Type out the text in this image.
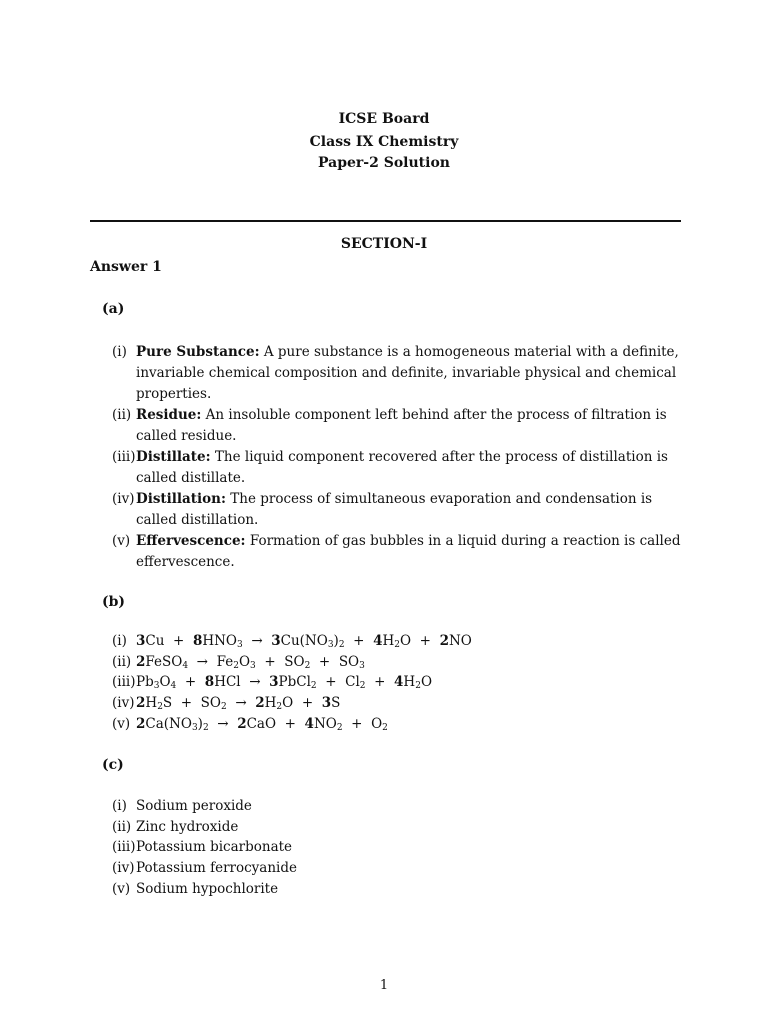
ICSE Board
Class IX Chemistry
Paper-2 Solution
SECTION-I
Answer 1
(a)
(i) Pure Substance: A pure substance is a homogeneous material with a definite, invariable chemical composition and definite, invariable physical and chemical properties.
(ii) Residue: An insoluble component left behind after the process of filtration is called residue.
(iii) Distillate: The liquid component recovered after the process of distillation is called distillate.
(iv) Distillation: The process of simultaneous evaporation and condensation is called distillation.
(v) Effervescence: Formation of gas bubbles in a liquid during a reaction is called effervescence.
(b)
(i) $3Cu + 8HNO_3 \to 3Cu(NO_3)_2 + 4H_2O + 2NO$
(ii) 2FeSO$_4$ → $Fe_2O_3 + SO_2 + SO_3$
(iii) $Pb_3O_4 + 8HCl$ → 3PbCl$_2$ + $Cl_2 + 4H_2O$
(iv) $2H_2S + SO_2 \to 2H_2O + 3S$
(v) $2Ca(NO_3)_2 \to 2CaO + 4NO_2 + O_2$
(c)
(i) Sodium peroxide
(ii) Zinc hydroxide
(iii) Potassium bicarbonate
(iv) Potassium ferrocyanide
(v) Sodium hypochlorite
1
